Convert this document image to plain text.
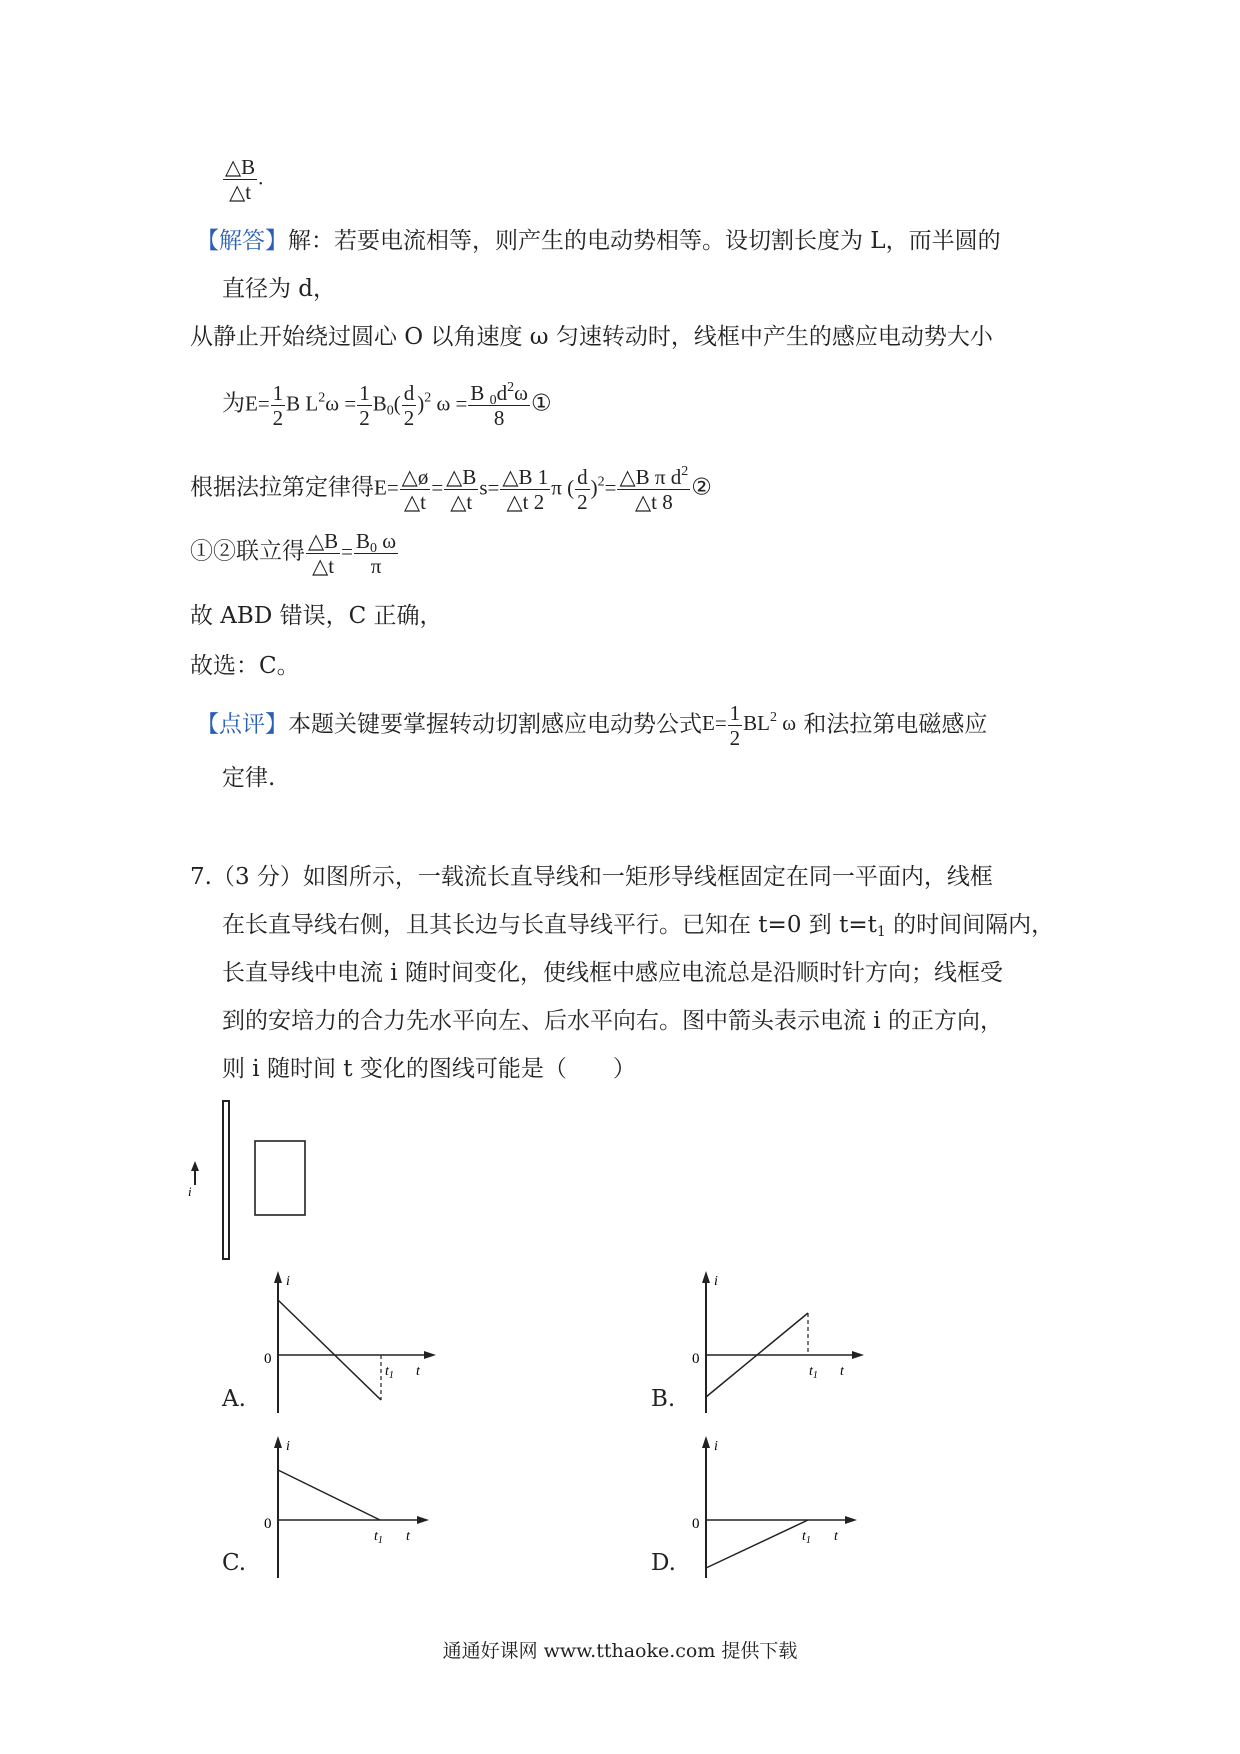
$\frac{\triangle B}{\triangle t}$ .
【解答】解：若要电流相等，则产生的电动势相等。设切割长度为 L，而半圆的
直径为 d，
从静止开始绕过圆心 O 以角速度 ω 匀速转动时，线框中产生的感应电动势大小
为$E= \frac{1}{2}$ B $L^2\omega = \frac{1}{2} B_0( \frac{d}{2} )^2$ $\omega = \frac{B _0d^2\omega}{8}$ ①
根据法拉第定律得$E= \frac{\triangle ø}{\triangle t} = \frac{\triangle B}{\triangle t} s= \frac{\triangle B 1}{\triangle t 2}$ π ( $\frac{d}{2} )^2= \frac{\triangle B \pi d^2}{\triangle t 8}$ ②
①②联立得 $\frac{\triangle B}{\triangle t} = \frac{B_0 \omega}{\pi}$
故 ABD 错误，C 正确，
故选：C。
【点评】本题关键要掌握转动切割感应电动势公式$E= \frac{1}{2} BL^2$ ω 和法拉第电磁感应
定律.
7.（3 分）如图所示，一载流长直导线和一矩形导线框固定在同一平面内，线框
在长直导线右侧，且其长边与长直导线平行。已知在 t=0 到 $t=t_1$ 的时间间隔内，
长直导线中电流 i 随时间变化，使线框中感应电流总是沿顺时针方向；线框受
到的安培力的合力先水平向左、后水平向右。图中箭头表示电流 i 的正方向，
则 i 随时间 t 变化的图线可能是（　　）
i
A.
0
i
$t_1$ t
B.
0
i
$t_1$ t
C.
0
i
$t_1$ t
D.
0
i
$t_1$ t
通通好课网 www.tthaoke.com 提供下载
